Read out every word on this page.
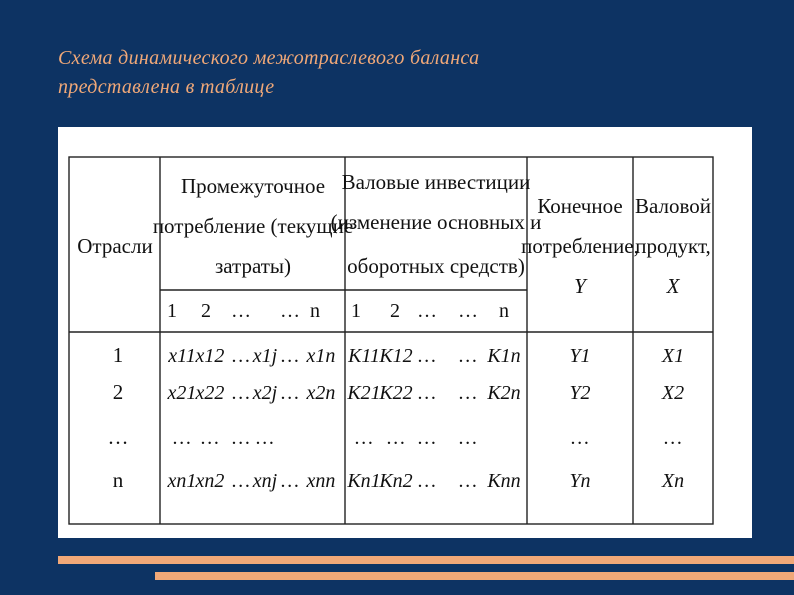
Схема динамического межотраслевого баланса
представлена в таблице
Отрасли
Промежуточное
потребление (текущие
затраты)
Валовые инвестиции
(изменение основных и
оборотных средств)
Конечное
потребление,
Y
Валовой
продукт,
X
1 2 … … n 1 2 … … n
1
2
…
n
x11 x12 … x1j … x1n
x21 x22 … x2j … x2n
… … … …
xn1 xn2 … xnj … xnn
K11 K12 … … K1n
K21
K22 … … K2n
… … … …
Kn1
Kn2 … … Knn
Y1
Y2
…
Yn
X1
X2
…
Xn
